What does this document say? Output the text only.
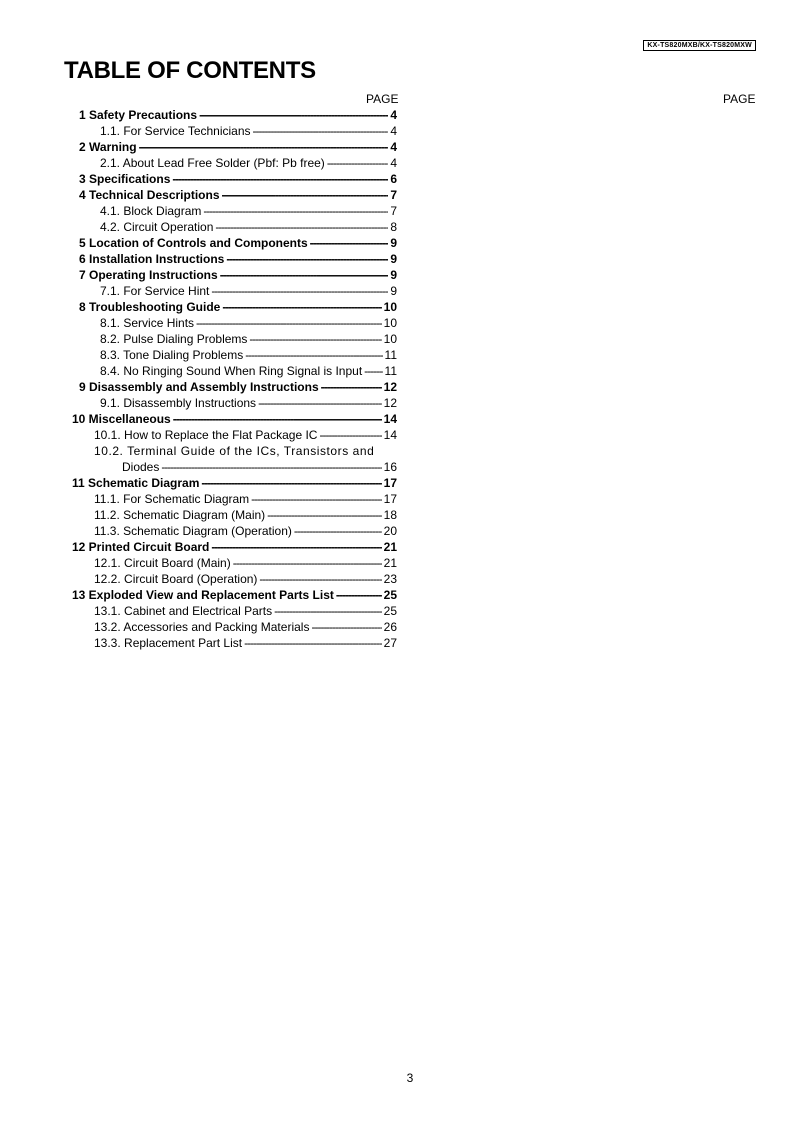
KX-TS820MXB/KX-TS820MXW
TABLE OF CONTENTS
PAGE	PAGE
1 Safety Precautions -----	4
1.1. For Service Technicians -----	4
2 Warning -----	4
2.1. About Lead Free Solder (Pbf: Pb free) -----	4
3 Specifications -----	6
4 Technical Descriptions -----	7
4.1. Block Diagram -----	7
4.2. Circuit Operation -----	8
5 Location of Controls and Components -----	9
6 Installation Instructions -----	9
7 Operating Instructions -----	9
7.1. For Service Hint -----	9
8 Troubleshooting Guide -----	10
8.1. Service Hints -----	10
8.2. Pulse Dialing Problems -----	10
8.3. Tone Dialing Problems -----	11
8.4. No Ringing Sound When Ring Signal is Input ----- 11
9 Disassembly and Assembly Instructions -----	12
9.1. Disassembly Instructions -----	12
10 Miscellaneous -----	14
10.1. How to Replace the Flat Package IC -----	14
10.2. Terminal Guide of the ICs, Transistors and
Diodes -----	16
11 Schematic Diagram -----	17
11.1. For Schematic Diagram -----	17
11.2. Schematic Diagram (Main) -----	18
11.3. Schematic Diagram (Operation) -----	20
12 Printed Circuit Board -----	21
12.1. Circuit Board (Main) -----	21
12.2. Circuit Board (Operation) -----	23
13 Exploded View and Replacement Parts List -----	25
13.1. Cabinet and Electrical Parts -----	25
13.2. Accessories and Packing Materials -----	26
13.3. Replacement Part List -----	27
3
